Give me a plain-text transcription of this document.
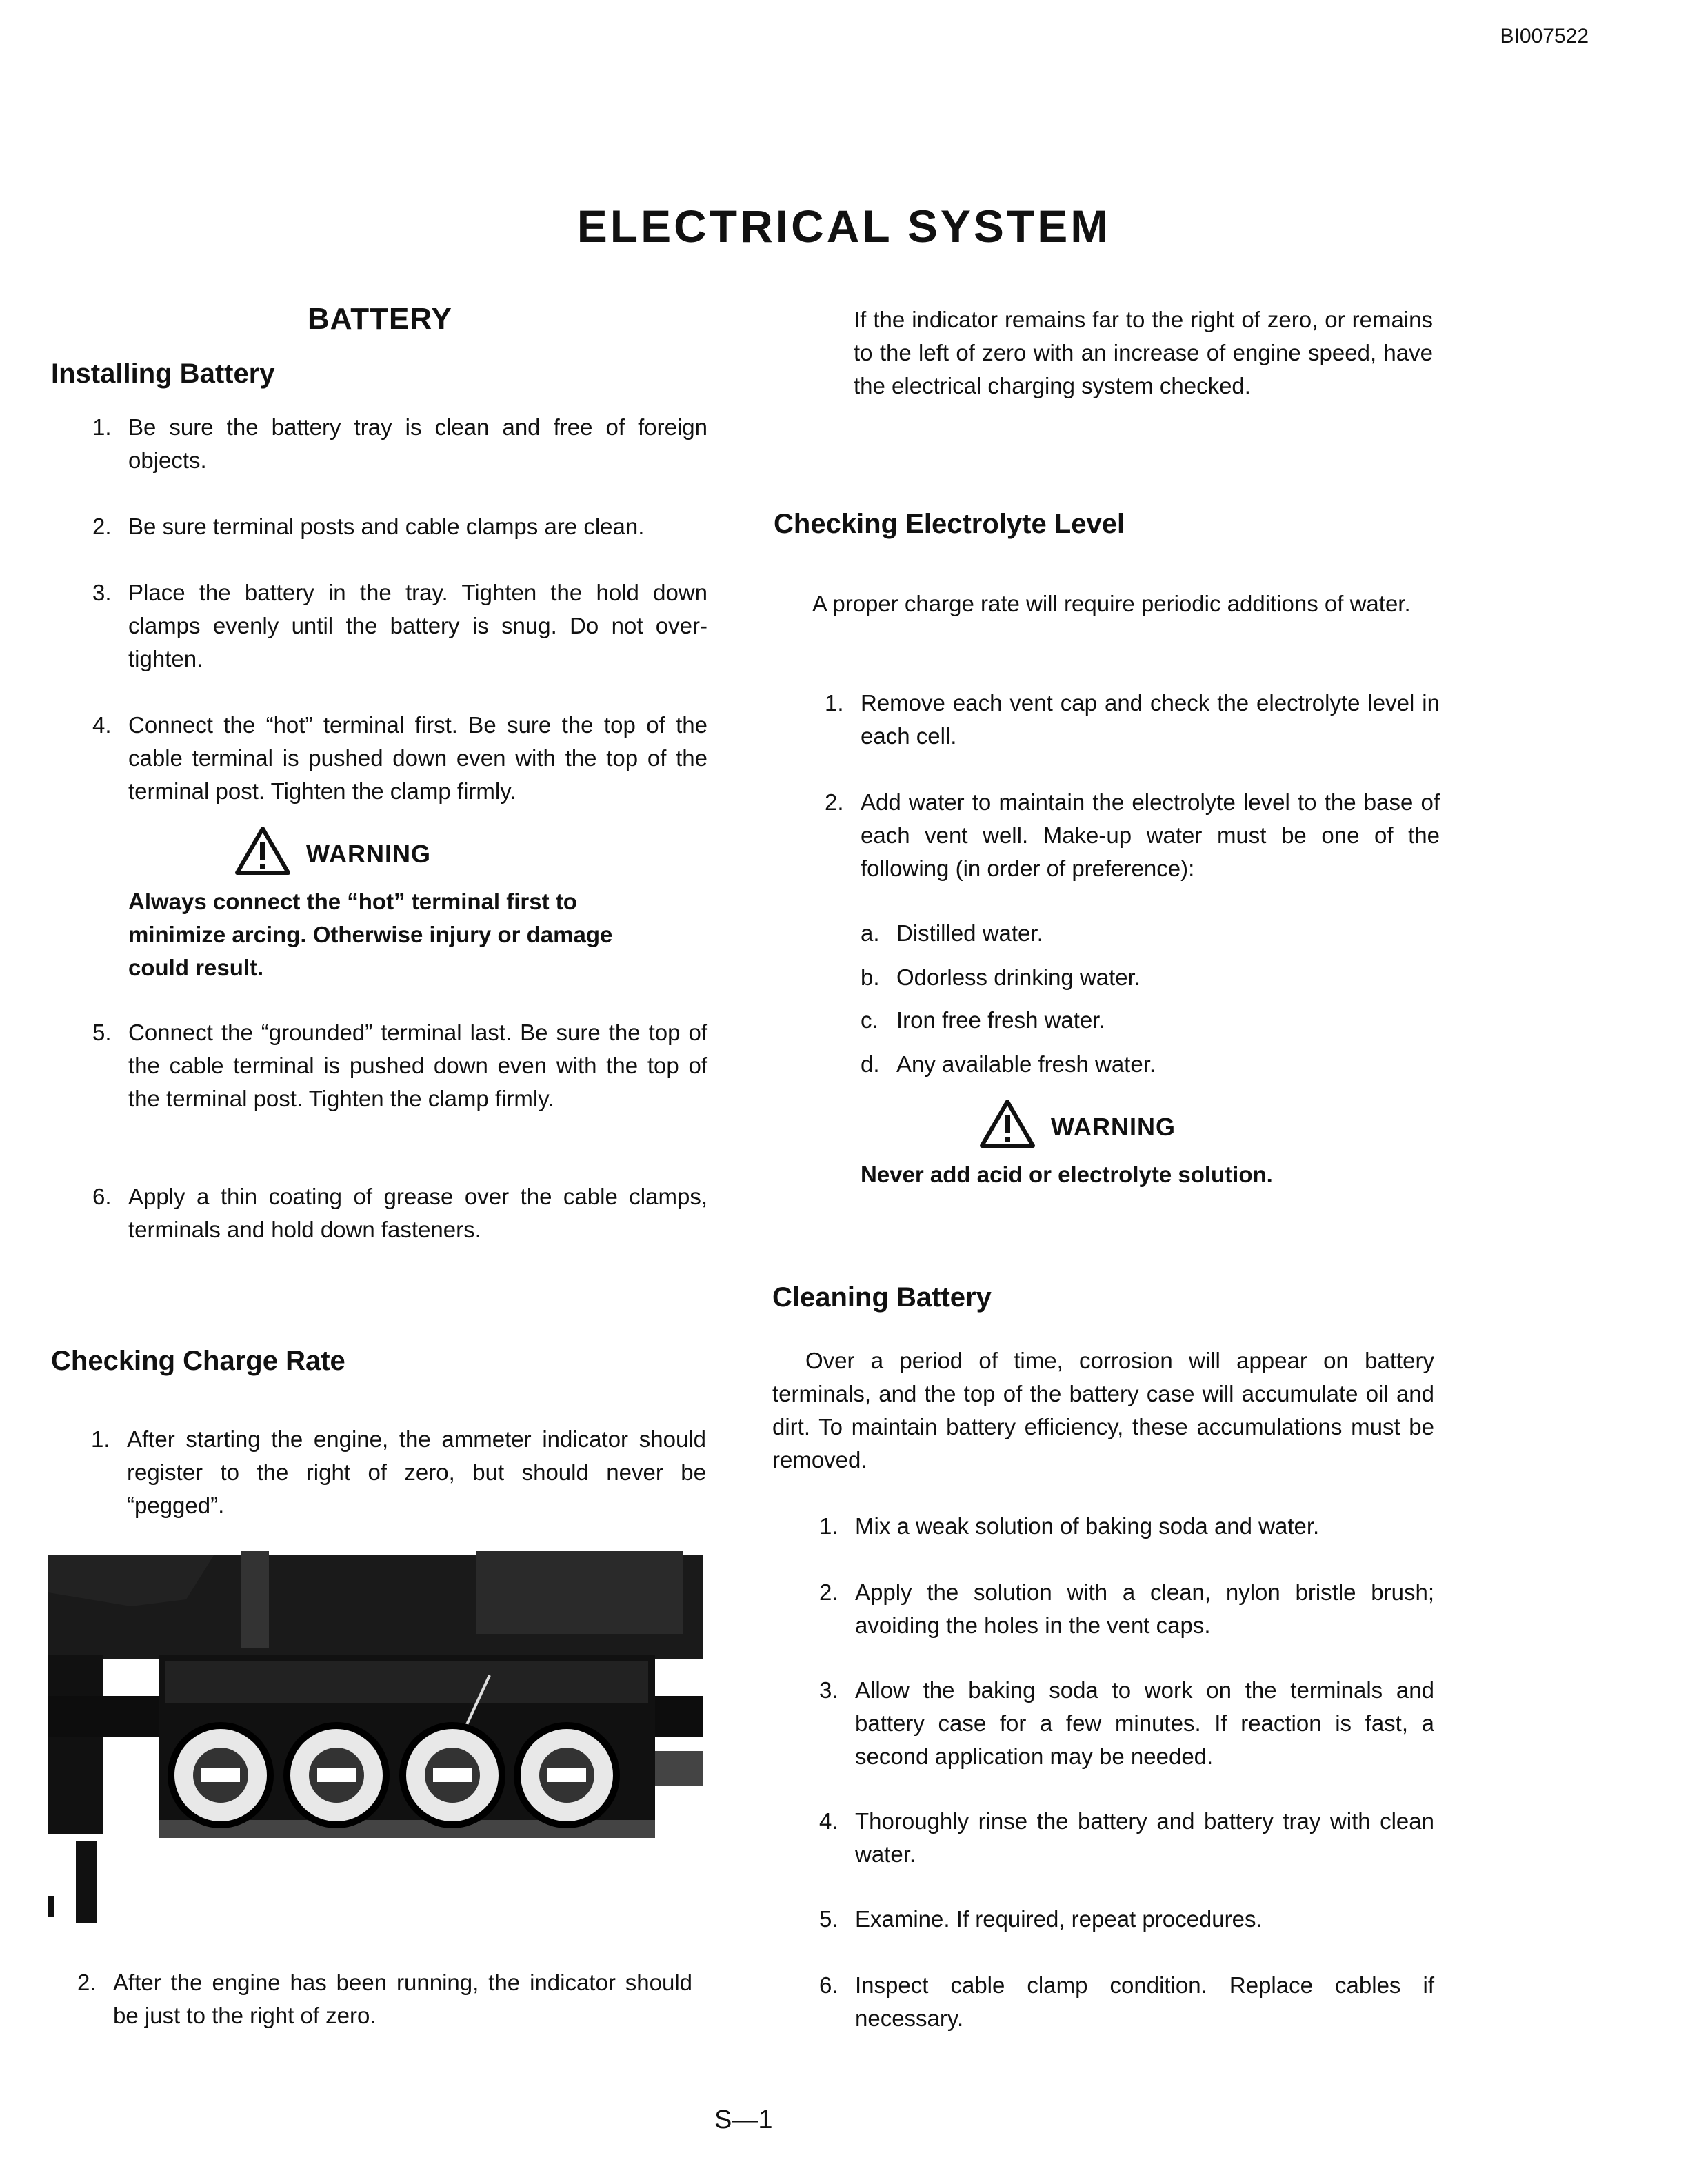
BI007522
ELECTRICAL SYSTEM
BATTERY
Installing Battery
1. Be sure the battery tray is clean and free of foreign objects.
2. Be sure terminal posts and cable clamps are clean.
3. Place the battery in the tray. Tighten the hold down clamps evenly until the battery is snug. Do not over-tighten.
4. Connect the “hot” terminal first. Be sure the top of the cable terminal is pushed down even with the top of the terminal post. Tighten the clamp firmly.
WARNING
Always connect the “hot” terminal first to minimize arcing. Otherwise injury or damage could result.
5. Connect the “grounded” terminal last. Be sure the top of the cable terminal is pushed down even with the top of the terminal post. Tighten the clamp firmly.
6. Apply a thin coating of grease over the cable clamps, terminals and hold down fasteners.
Checking Charge Rate
1. After starting the engine, the ammeter indicator should register to the right of zero, but should never be “pegged”.
2. After the engine has been running, the indicator should be just to the right of zero.
If the indicator remains far to the right of zero, or remains to the left of zero with an increase of engine speed, have the electrical charging system checked.
Checking Electrolyte Level
A proper charge rate will require periodic additions of water.
1. Remove each vent cap and check the electrolyte level in each cell.
2. Add water to maintain the electrolyte level to the base of each vent well. Make-up water must be one of the following (in order of preference):
a. Distilled water.
b. Odorless drinking water.
c. Iron free fresh water.
d. Any available fresh water.
WARNING
Never add acid or electrolyte solution.
Cleaning Battery
Over a period of time, corrosion will appear on battery terminals, and the top of the battery case will accumulate oil and dirt. To maintain battery efficiency, these accumulations must be removed.
1. Mix a weak solution of baking soda and water.
2. Apply the solution with a clean, nylon bristle brush; avoiding the holes in the vent caps.
3. Allow the baking soda to work on the terminals and battery case for a few minutes. If reaction is fast, a second application may be needed.
4. Thoroughly rinse the battery and battery tray with clean water.
5. Examine. If required, repeat procedures.
6. Inspect cable clamp condition. Replace cables if necessary.
S—1
